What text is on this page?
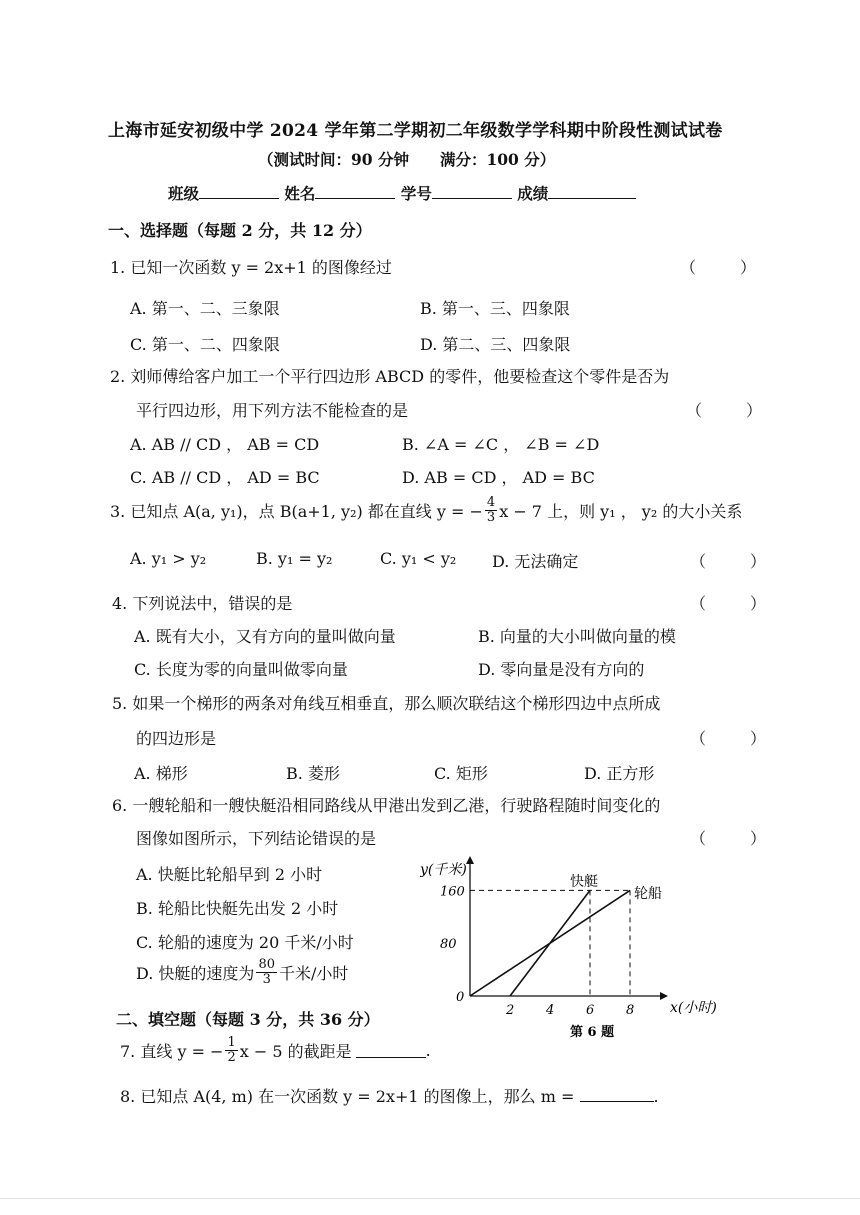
上海市延安初级中学 2024 学年第二学期初二年级数学学科期中阶段性测试试卷
（测试时间：90 分钟　　满分：100 分）
班级	姓名	学号	成绩
一、选择题（每题 2 分，共 12 分）
1. 已知一次函数 y = 2x+1 的图像经过	（　）
A. 第一、二、三象限	B. 第一、三、四象限
C. 第一、二、四象限	D. 第二、三、四象限
2. 刘师傅给客户加工一个平行四边形 ABCD 的零件，他要检查这个零件是否为
平行四边形，用下列方法不能检查的是	（　）
A. AB // CD ， AB = CD	B. ∠A = ∠C ， ∠B = ∠D
C. AB // CD ， AD = BC	D. AB = CD ， AD = BC
3. 已知点 A(a, y₁)，点 B(a+1, y₂) 都在直线 y = − $\frac{4}{3}$ x − 7 上，则 y₁ ， y₂ 的大小关系
A. y₁ > y₂	B. y₁ = y₂	C. y₁ < y₂ D. 无法确定	（　）
4. 下列说法中，错误的是	（　）
A. 既有大小，又有方向的量叫做向量	B. 向量的大小叫做向量的模
C. 长度为零的向量叫做零向量	D. 零向量是没有方向的
5. 如果一个梯形的两条对角线互相垂直，那么顺次联结这个梯形四边中点所成
的四边形是	（　）
A. 梯形	B. 菱形	C. 矩形	D. 正方形
6. 一艘轮船和一艘快艇沿相同路线从甲港出发到乙港，行驶路程随时间变化的
图像如图所示，下列结论错误的是	（　）
A. 快艇比轮船早到 2 小时
B. 轮船比快艇先出发 2 小时
C. 轮船的速度为 20 千米/小时
D. 快艇的速度为 $\frac{80}{3}$ 千米/小时
2 4 6 8
80
160
y(千米)
x(小时)
0
第 6 题
快艇
轮船
二、填空题（每题 3 分，共 36 分）
7. 直线 y = − $\frac{1}{2}$ x − 5 的截距是	.
8. 已知点 A(4, m) 在一次函数 y = 2x+1 的图像上，那么 m =	.
